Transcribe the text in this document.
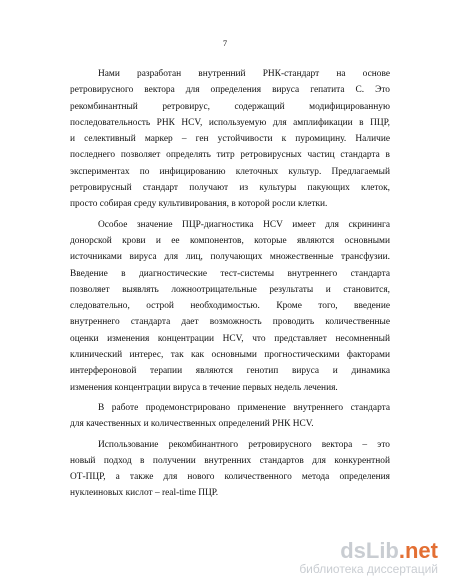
7

Нами разработан внутренний РНК-стандарт на основе
ретровирусного вектора для определения вируса гепатита С. Это
рекомбинантный ретровирус, содержащий модифицированную
последовательность РНК HCV, используемую для амплификации в ПЦР,
и селективный маркер – ген устойчивости к пуромицину. Наличие
последнего позволяет определять титр ретровирусных частиц стандарта в
экспериментах по инфицированию клеточных культур. Предлагаемый
ретровирусный стандарт получают из культуры пакующих клеток,
просто собирая среду культивирования, в которой росли клетки.

Особое значение ПЦР-диагностика HCV имеет для скрининга
донорской крови и ее компонентов, которые являются основными
источниками вируса для лиц, получающих множественные трансфузии.
Введение в диагностические тест-системы внутреннего стандарта
позволяет выявлять ложноотрицательные результаты и становится,
следовательно, острой необходимостью. Кроме того, введение
внутреннего стандарта дает возможность проводить количественные
оценки изменения концентрации HCV, что представляет несомненный
клинический интерес, так как основными прогностическими факторами
интерфероновой терапии являются генотип вируса и динамика
изменения концентрации вируса в течение первых недель лечения.

В работе продемонстрировано применение внутреннего стандарта
для качественных и количественных определений РНК HCV.

Использование рекомбинантного ретровирусного вектора – это
новый подход в получении внутренних стандартов для конкурентной
ОТ-ПЦР, а также для нового количественного метода определения
нуклеиновых кислот – real-time ПЦР.

dsLib.net
библиотека диссертаций
